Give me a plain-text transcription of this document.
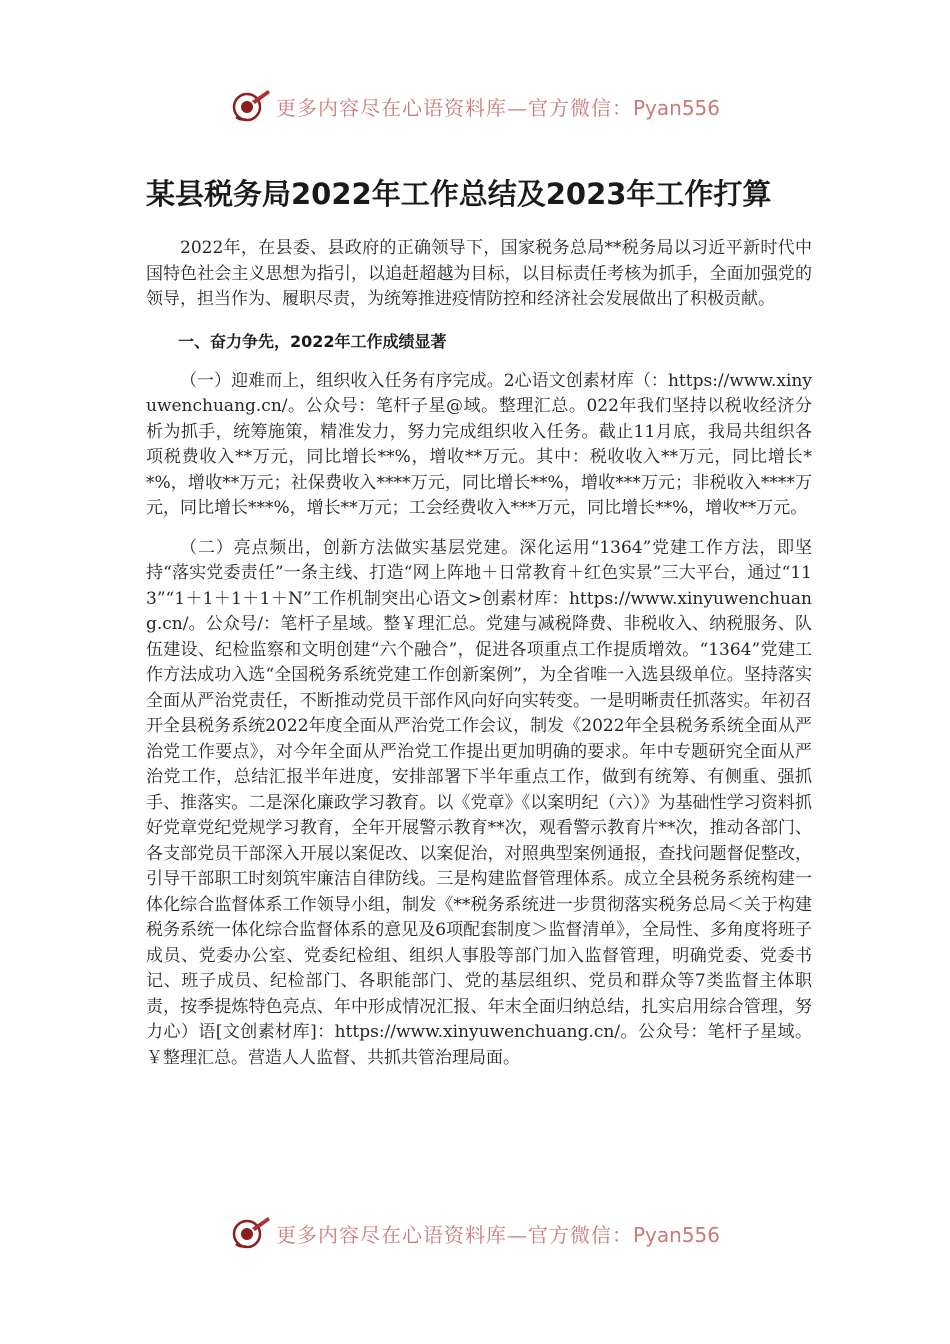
更多内容尽在心语资料库—官方微信：Pyan556
某县税务局2022年工作总结及2023年工作打算

2022年，在县委、县政府的正确领导下，国家税务总局**税务局以习近平新时代中国特色社会主义思想为指引，以追赶超越为目标，以目标责任考核为抓手，全面加强党的领导，担当作为、履职尽责，为统筹推进疫情防控和经济社会发展做出了积极贡献。

一、奋力争先，2022年工作成绩显著

（一）迎难而上，组织收入任务有序完成。2心语文创素材库（：https://www.xinyuwenchuang.cn/。公众号：笔杆子星@域。整理汇总。022年我们坚持以税收经济分析为抓手，统筹施策，精准发力，努力完成组织收入任务。截止11月底，我局共组织各项税费收入**万元，同比增长**%，增收**万元。其中：税收收入**万元，同比增长**%，增收**万元；社保费收入****万元，同比增长**%，增收***万元；非税收入****万元，同比增长***%，增长**万元；工会经费收入***万元，同比增长**%，增收**万元。

（二）亮点频出，创新方法做实基层党建。深化运用“1364”党建工作方法，即坚持“落实党委责任”一条主线、打造“网上阵地＋日常教育＋红色实景”三大平台，通过“113”“1＋1＋1＋1＋N”工作机制突出心语文>创素材库：https://www.xinyuwenchuang.cn/。公众号/：笔杆子星域。整￥理汇总。党建与减税降费、非税收入、纳税服务、队伍建设、纪检监察和文明创建“六个融合”，促进各项重点工作提质增效。“1364”党建工作方法成功入选“全国税务系统党建工作创新案例”，为全省唯一入选县级单位。坚持落实全面从严治党责任，不断推动党员干部作风向好向实转变。一是明晰责任抓落实。年初召开全县税务系统2022年度全面从严治党工作会议，制发《2022年全县税务系统全面从严治党工作要点》，对今年全面从严治党工作提出更加明确的要求。年中专题研究全面从严治党工作，总结汇报半年进度，安排部署下半年重点工作，做到有统筹、有侧重、强抓手、推落实。二是深化廉政学习教育。以《党章》《以案明纪（六）》为基础性学习资料抓好党章党纪党规学习教育，全年开展警示教育**次，观看警示教育片**次，推动各部门、各支部党员干部深入开展以案促改、以案促治，对照典型案例通报，查找问题督促整改，引导干部职工时刻筑牢廉洁自律防线。三是构建监督管理体系。成立全县税务系统构建一体化综合监督体系工作领导小组，制发《**税务系统进一步贯彻落实税务总局＜关于构建税务系统一体化综合监督体系的意见及6项配套制度＞监督清单》，全局性、多角度将班子成员、党委办公室、党委纪检组、组织人事股等部门加入监督管理，明确党委、党委书记、班子成员、纪检部门、各职能部门、党的基层组织、党员和群众等7类监督主体职责，按季提炼特色亮点、年中形成情况汇报、年末全面归纳总结，扎实启用综合管理，努力心）语[文创素材库]：https://www.xinyuwenchuang.cn/。公众号：笔杆子星域。￥整理汇总。营造人人监督、共抓共管治理局面。

更多内容尽在心语资料库—官方微信：Pyan556
